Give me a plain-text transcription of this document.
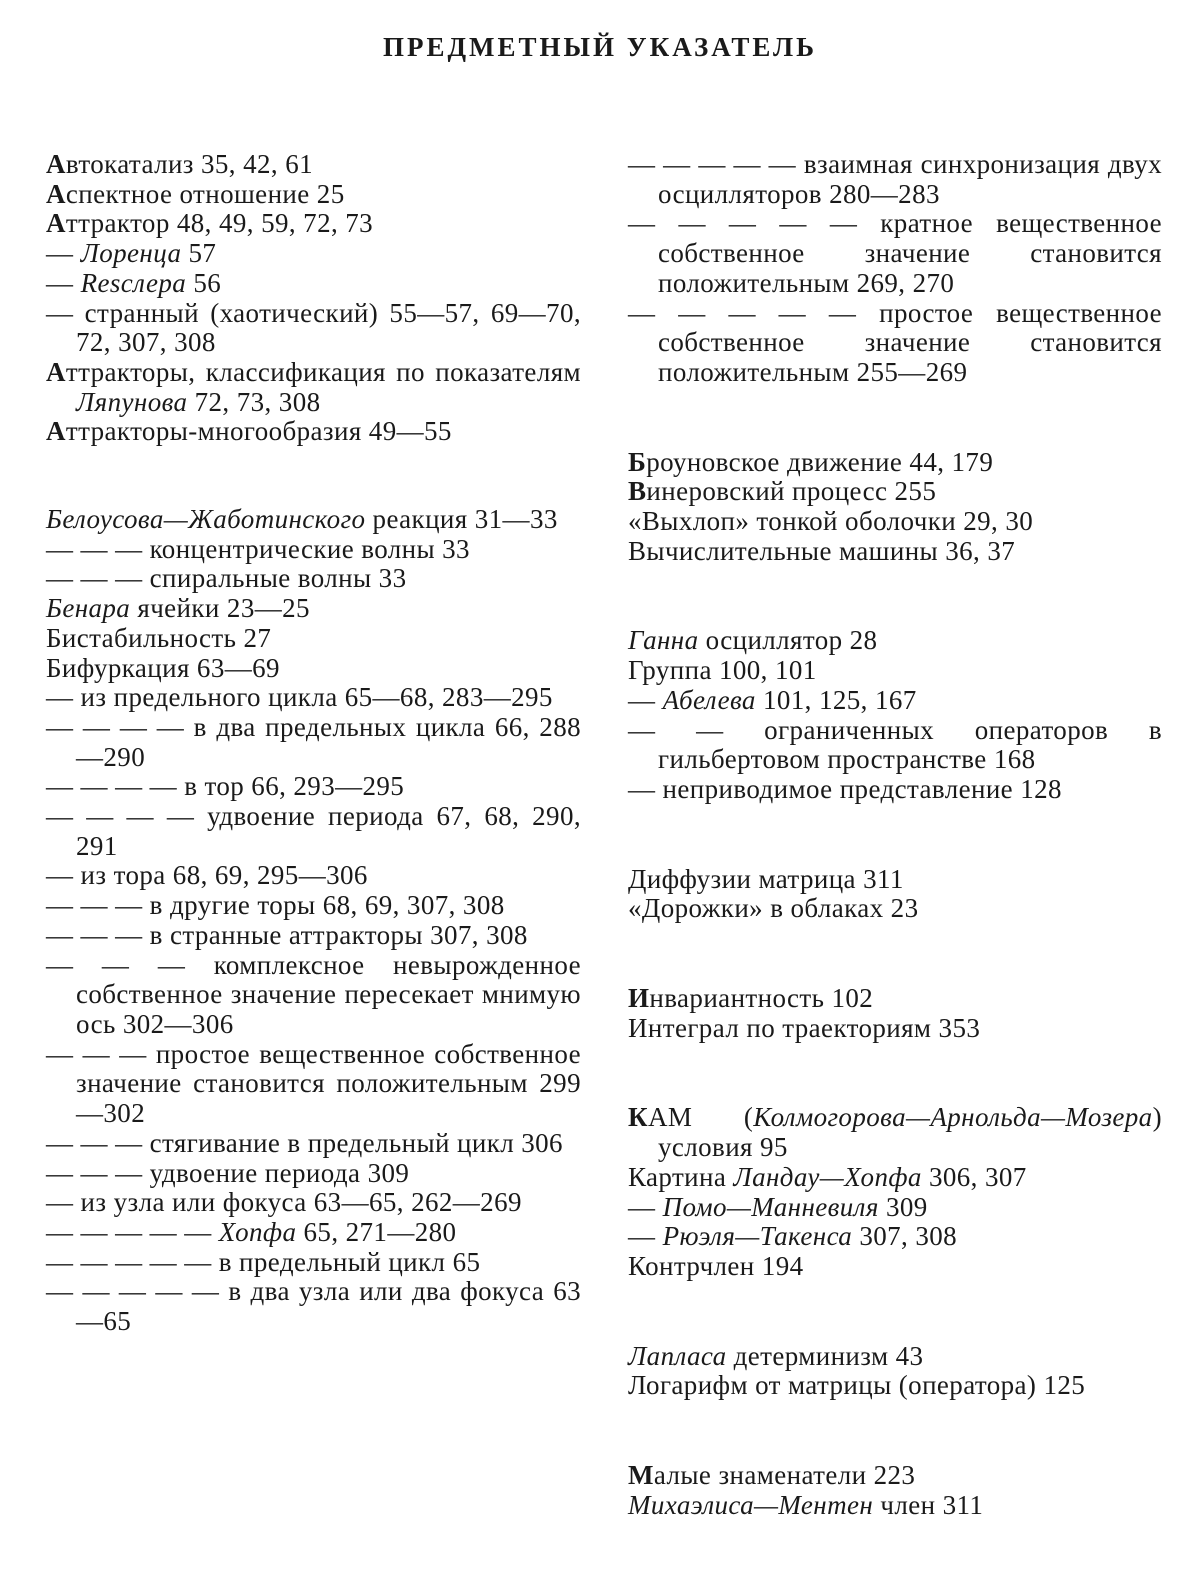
ПРЕДМЕТНЫЙ УКАЗАТЕЛЬ
Автокатализ 35, 42, 61
Аспектное отношение 25
Аттрактор 48, 49, 59, 72, 73
— Лоренца 57
— Resслера 56
— странный (хаотический) 55—57, 69—70, 72, 307, 308
Аттракторы, классификация по показателям Ляпунова 72, 73, 308
Аттракторы-многообразия 49—55
Белоусова—Жаботинского реакция 31—33
— — — концентрические волны 33
— — — спиральные волны 33
Бенара ячейки 23—25
Бистабильность 27
Бифуркация 63—69
— из предельного цикла 65—68, 283—295
— — — — в два предельных цикла 66, 288—290
— — — — в тор 66, 293—295
— — — — удвоение периода 67, 68, 290, 291
— из тора 68, 69, 295—306
— — — в другие торы 68, 69, 307, 308
— — — в странные аттракторы 307, 308
— — — комплексное невырожденное собственное значение пересекает мнимую ось 302—306
— — — простое вещественное собственное значение становится положительным 299—302
— — — стягивание в предельный цикл 306
— — — удвоение периода 309
— из узла или фокуса 63—65, 262—269
— — — — — Хопфа 65, 271—280
— — — — — в предельный цикл 65
— — — — — в два узла или два фокуса 63—65
— — — — — взаимная синхронизация двух осцилляторов 280—283
— — — — — кратное вещественное собственное значение становится положительным 269, 270
— — — — — простое вещественное собственное значение становится положительным 255—269
Броуновское движение 44, 179
Винеровский процесс 255
«Выхлоп» тонкой оболочки 29, 30
Вычислительные машины 36, 37
Ганна осциллятор 28
Группа 100, 101
— Абелева 101, 125, 167
— — ограниченных операторов в гильбертовом пространстве 168
— неприводимое представление 128
Диффузии матрица 311
«Дорожки» в облаках 23
Инвариантность 102
Интеграл по траекториям 353
КАМ (Колмогорова—Арнольда—Мозера) условия 95
Картина Ландау—Хопфа 306, 307
— Помо—Манневиля 309
— Рюэля—Такенса 307, 308
Контрчлен 194
Лапласа детерминизм 43
Логарифм от матрицы (оператора) 125
Малые знаменатели 223
Михаэлиса—Ментен член 311
